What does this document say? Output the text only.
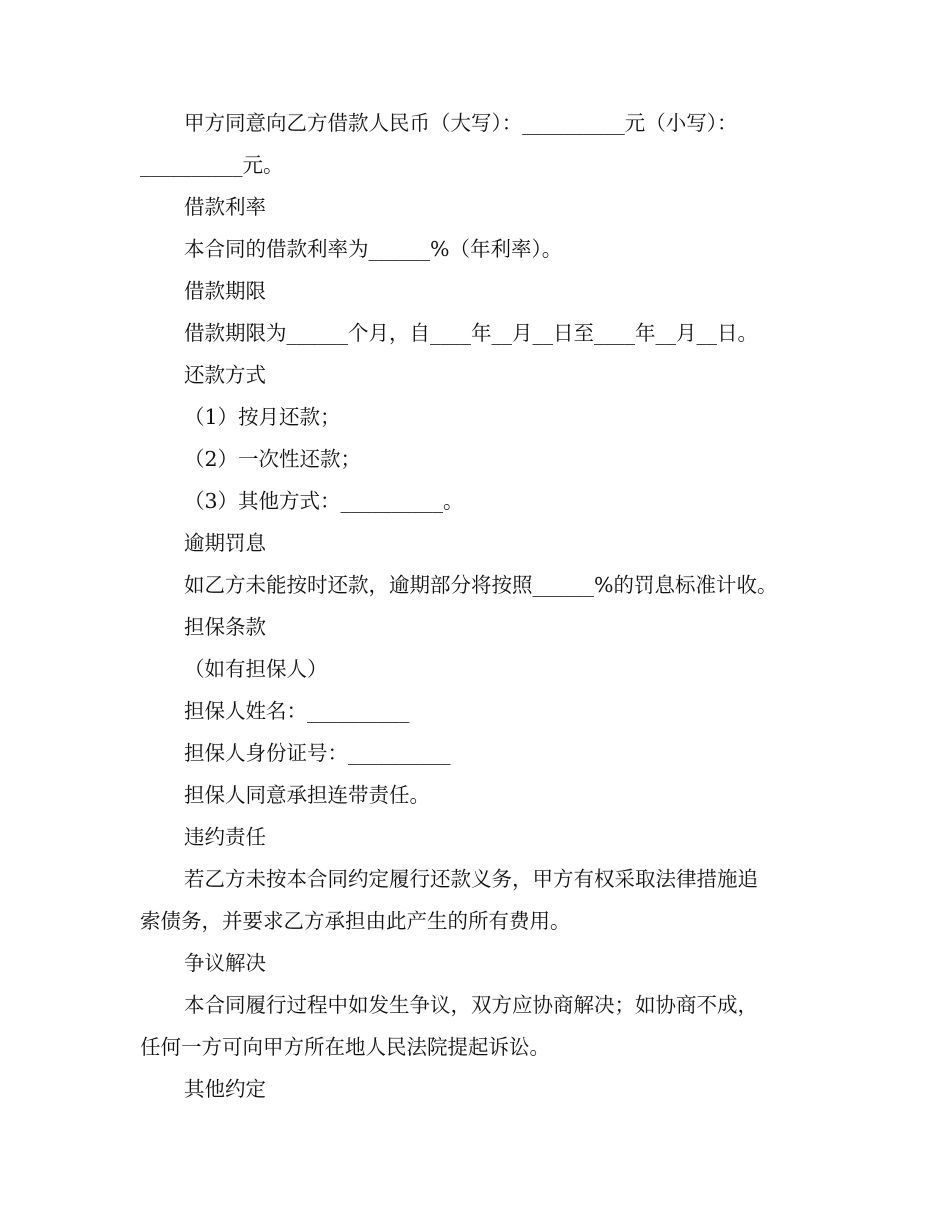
甲方同意向乙方借款人民币（大写）：__________元（小写）：

__________元。

借款利率

本合同的借款利率为______%（年利率）。

借款期限

借款期限为______个月，自____年__月__日至____年__月__日。

还款方式

（1）按月还款；

（2）一次性还款；

（3）其他方式：__________。

逾期罚息

如乙方未能按时还款，逾期部分将按照______%的罚息标准计收。

担保条款

（如有担保人）

担保人姓名：__________

担保人身份证号：__________

担保人同意承担连带责任。

违约责任

若乙方未按本合同约定履行还款义务，甲方有权采取法律措施追

索债务，并要求乙方承担由此产生的所有费用。

争议解决

本合同履行过程中如发生争议，双方应协商解决；如协商不成，

任何一方可向甲方所在地人民法院提起诉讼。

其他约定
